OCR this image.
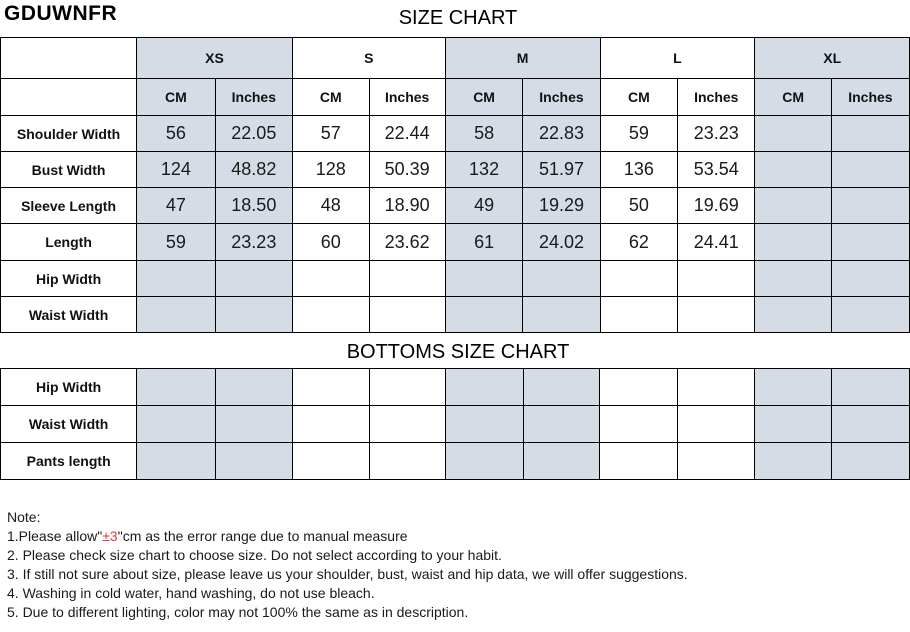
GDUWNFR	SIZE CHART
	XS		S		M		L		XL	
	CM	Inches	CM	Inches	CM	Inches	CM	Inches	CM	Inches
Shoulder Width	56	22.05	57	22.44	58	22.83	59	23.23		
Bust Width	124	48.82	128	50.39	132	51.97	136	53.54		
Sleeve Length	47	18.50	48	18.90	49	19.29	50	19.69		
Length	59	23.23	60	23.62	61	24.02	62	24.41		
Hip Width										
Waist Width										
BOTTOMS SIZE CHART
Hip Width										
Waist Width										
Pants length										
Note:
1.Please allow"±3"cm as the error range due to manual measure
2. Please check size chart to choose size. Do not select according to your habit.
3. If still not sure about size, please leave us your shoulder, bust, waist and hip data, we will offer suggestions.
4. Washing in cold water, hand washing, do not use bleach.
5. Due to different lighting, color may not 100% the same as in description.
